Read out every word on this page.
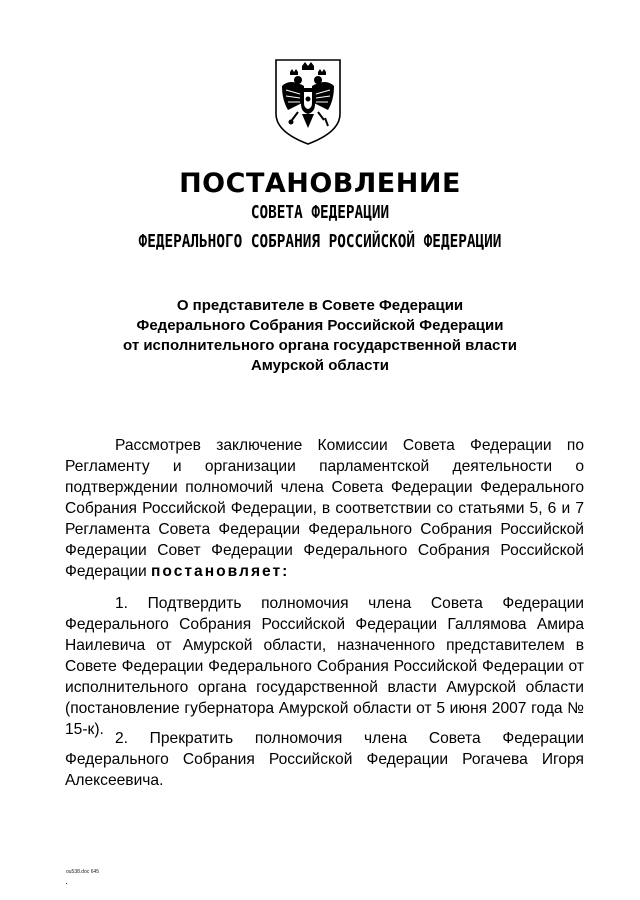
ПОСТАНОВЛЕНИЕ
СОВЕТА ФЕДЕРАЦИИ
ФЕДЕРАЛЬНОГО СОБРАНИЯ РОССИЙСКОЙ ФЕДЕРАЦИИ
О представителе в Совете Федерации
Федерального Собрания Российской Федерации
от исполнительного органа государственной власти
Амурской области
Рассмотрев заключение Комиссии Совета Федерации по Регламенту и организации парламентской деятельности о подтверждении полномочий члена Совета Федерации Федерального Собрания Российской Федерации, в соответствии со статьями 5, 6 и 7 Регламента Совета Федерации Федерального Собрания Российской Федерации Совет Федерации Федерального Собрания Российской Федерации постановляет:
1. Подтвердить полномочия члена Совета Федерации Федерального Собрания Российской Федерации Галлямова Амира Наилевича от Амурской области, назначенного представителем в Совете Федерации Федерального Собрания Российской Федерации от исполнительного органа государственной власти Амурской области (постановление губернатора Амурской области от 5 июня 2007 года № 15-к).
2. Прекратить полномочия члена Совета Федерации Федерального Собрания Российской Федерации Рогачева Игоря Алексеевича.
ou538.doc 645
